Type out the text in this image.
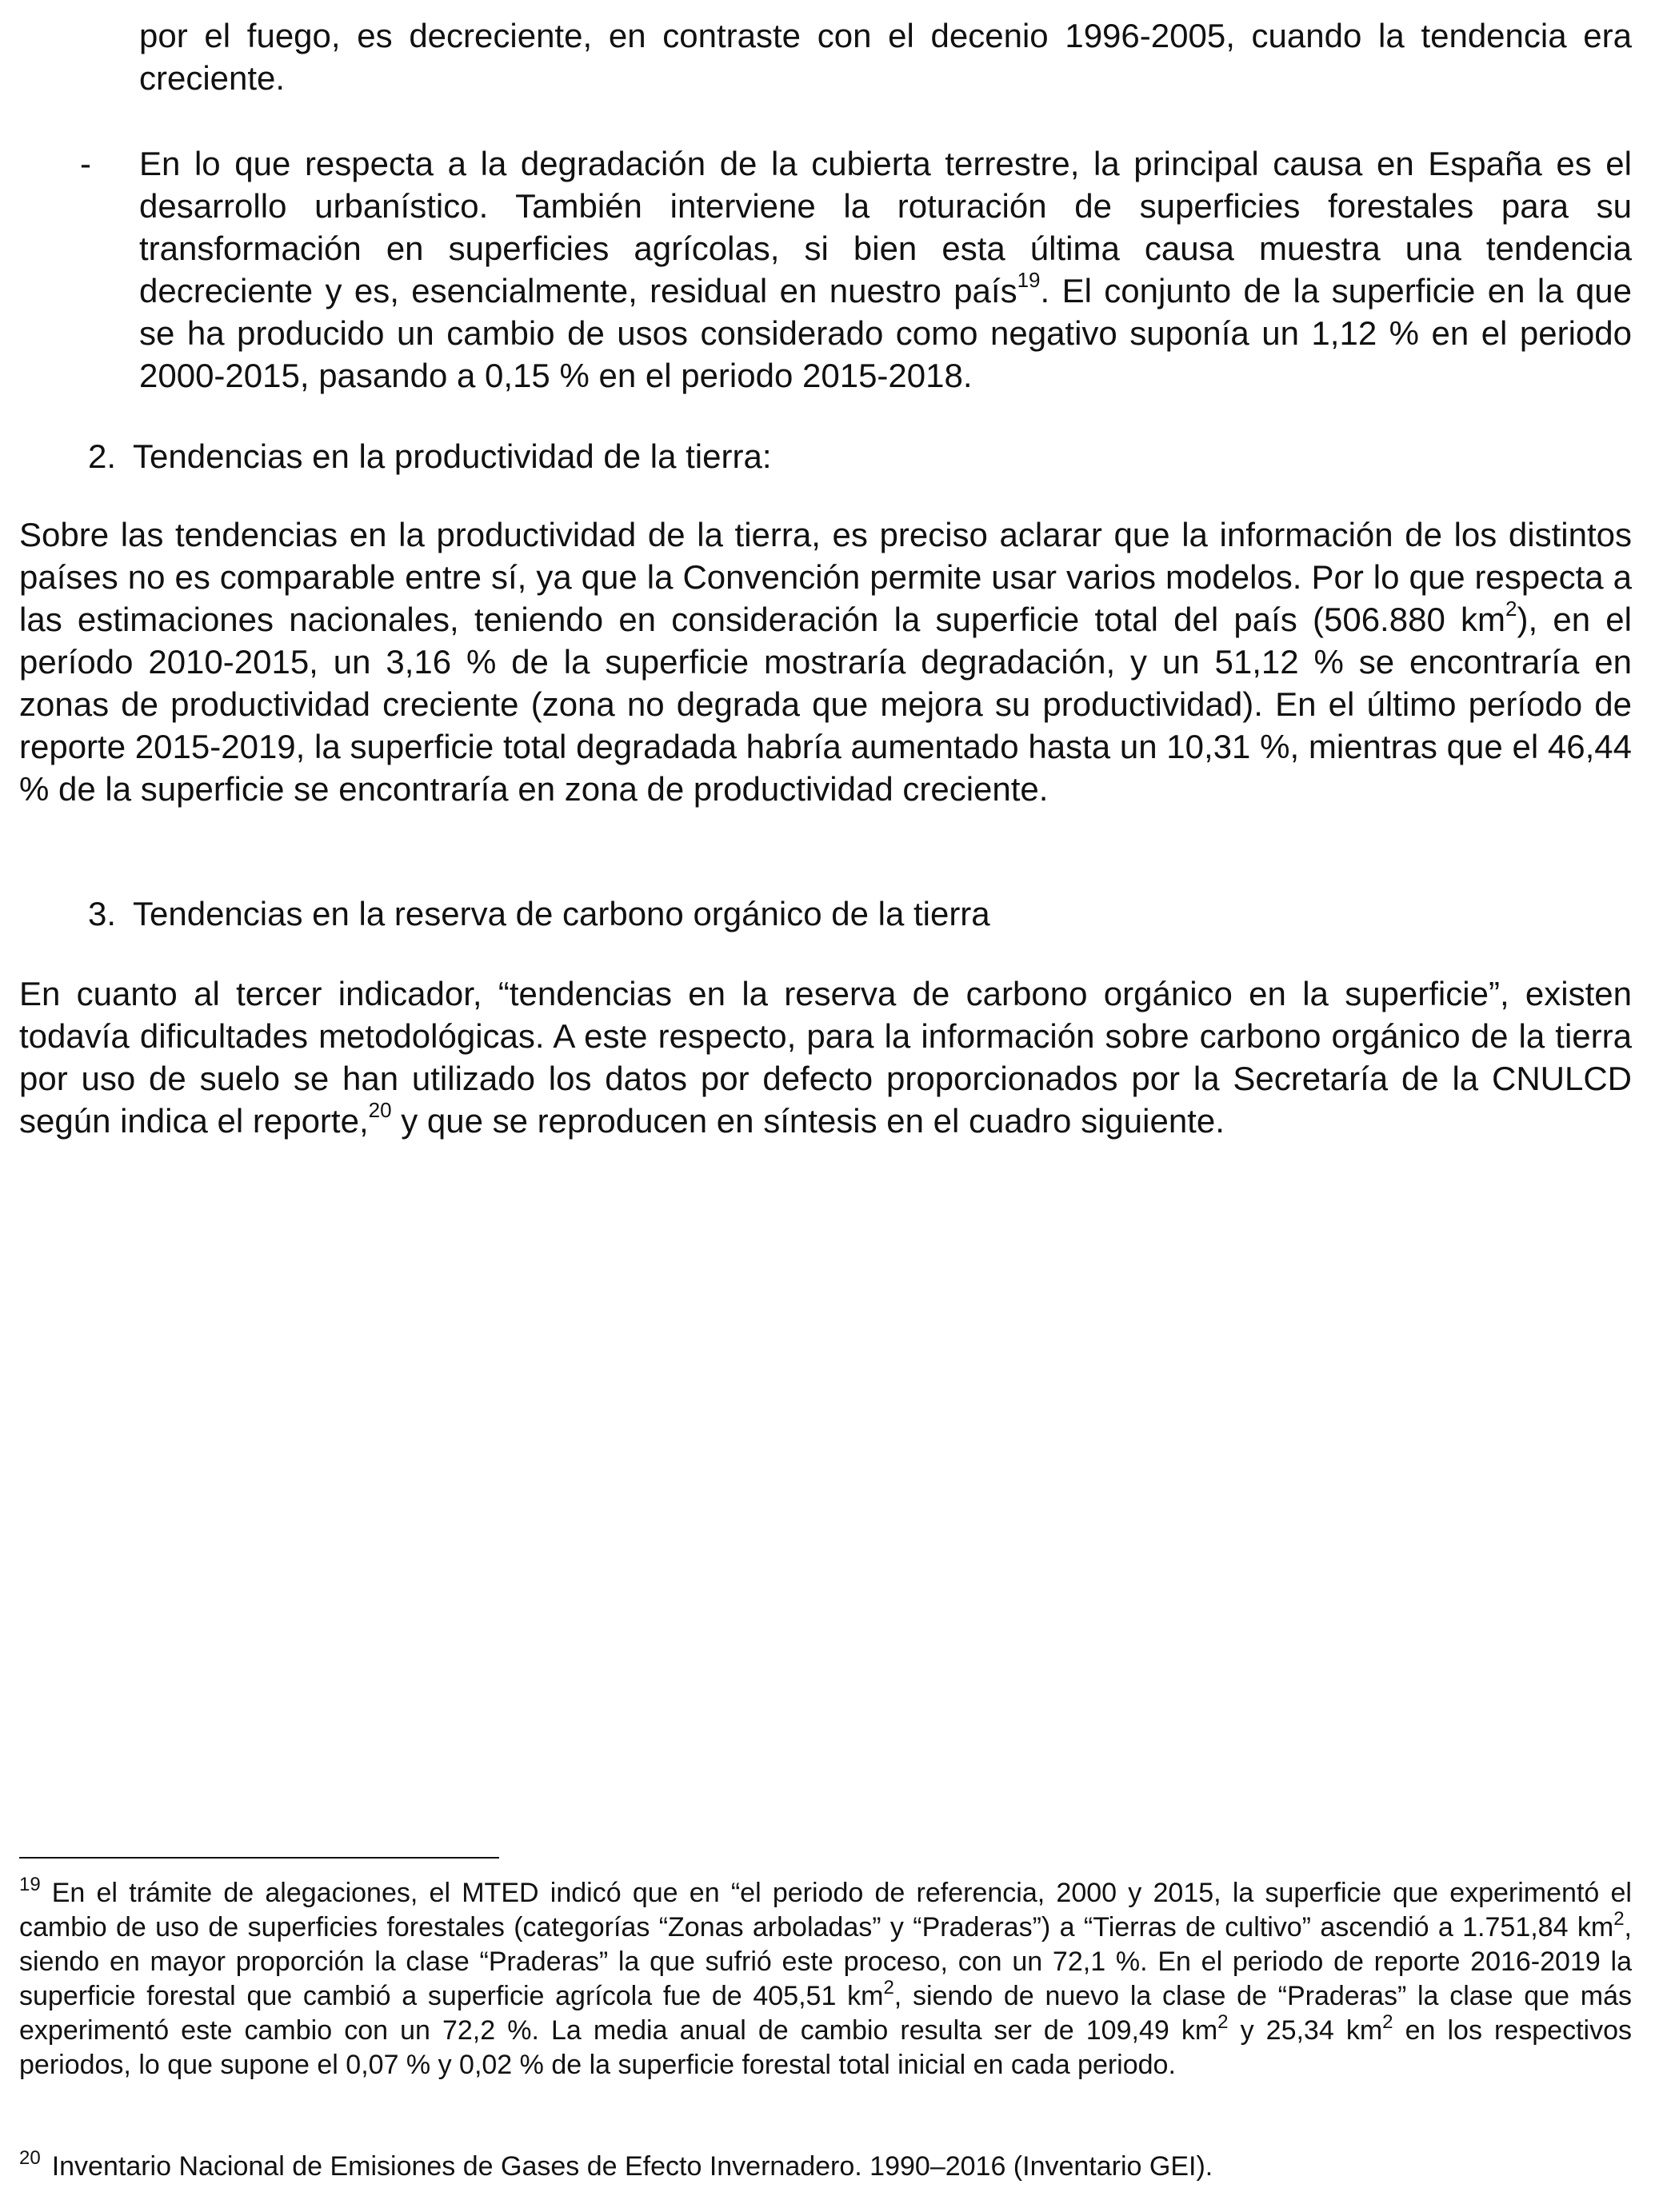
por el fuego, es decreciente, en contraste con el decenio 1996-2005, cuando la tendencia era creciente.

- En lo que respecta a la degradación de la cubierta terrestre, la principal causa en España es el desarrollo urbanístico. También interviene la roturación de superficies forestales para su transformación en superficies agrícolas, si bien esta última causa muestra una tendencia decreciente y es, esencialmente, residual en nuestro país$^{19}$. El conjunto de la superficie en la que se ha producido un cambio de usos considerado como negativo suponía un 1,12 % en el periodo 2000-2015, pasando a 0,15 % en el periodo 2015-2018.

2. Tendencias en la productividad de la tierra:

Sobre las tendencias en la productividad de la tierra, es preciso aclarar que la información de los distintos países no es comparable entre sí, ya que la Convención permite usar varios modelos. Por lo que respecta a las estimaciones nacionales, teniendo en consideración la superficie total del país (506.880 $km^2$), en el período 2010-2015, un 3,16 % de la superficie mostraría degradación, y un 51,12 % se encontraría en zonas de productividad creciente (zona no degrada que mejora su productividad). En el último período de reporte 2015-2019, la superficie total degradada habría aumentado hasta un 10,31 %, mientras que el 46,44 % de la superficie se encontraría en zona de productividad creciente.

3. Tendencias en la reserva de carbono orgánico de la tierra

En cuanto al tercer indicador, “tendencias en la reserva de carbono orgánico en la superficie”, existen todavía dificultades metodológicas. A este respecto, para la información sobre carbono orgánico de la tierra por uso de suelo se han utilizado los datos por defecto proporcionados por la Secretaría de la CNULCD según indica el reporte,$^{20}$ y que se reproducen en síntesis en el cuadro siguiente.

$^{19}$ En el trámite de alegaciones, el MTED indicó que en “el periodo de referencia, 2000 y 2015, la superficie que experimentó el cambio de uso de superficies forestales (categorías “Zonas arboladas” y “Praderas”) a “Tierras de cultivo” ascendió a 1.751,84 $km^2$, siendo en mayor proporción la clase “Praderas” la que sufrió este proceso, con un 72,1 %. En el periodo de reporte 2016-2019 la superficie forestal que cambió a superficie agrícola fue de 405,51 $km^2$, siendo de nuevo la clase de “Praderas” la clase que más experimentó este cambio con un 72,2 %. La media anual de cambio resulta ser de 109,49 $km^2$ y 25,34 $km^2$ en los respectivos periodos, lo que supone el 0,07 % y 0,02 % de la superficie forestal total inicial en cada periodo.

$^{20}$ Inventario Nacional de Emisiones de Gases de Efecto Invernadero. 1990–2016 (Inventario GEI).
